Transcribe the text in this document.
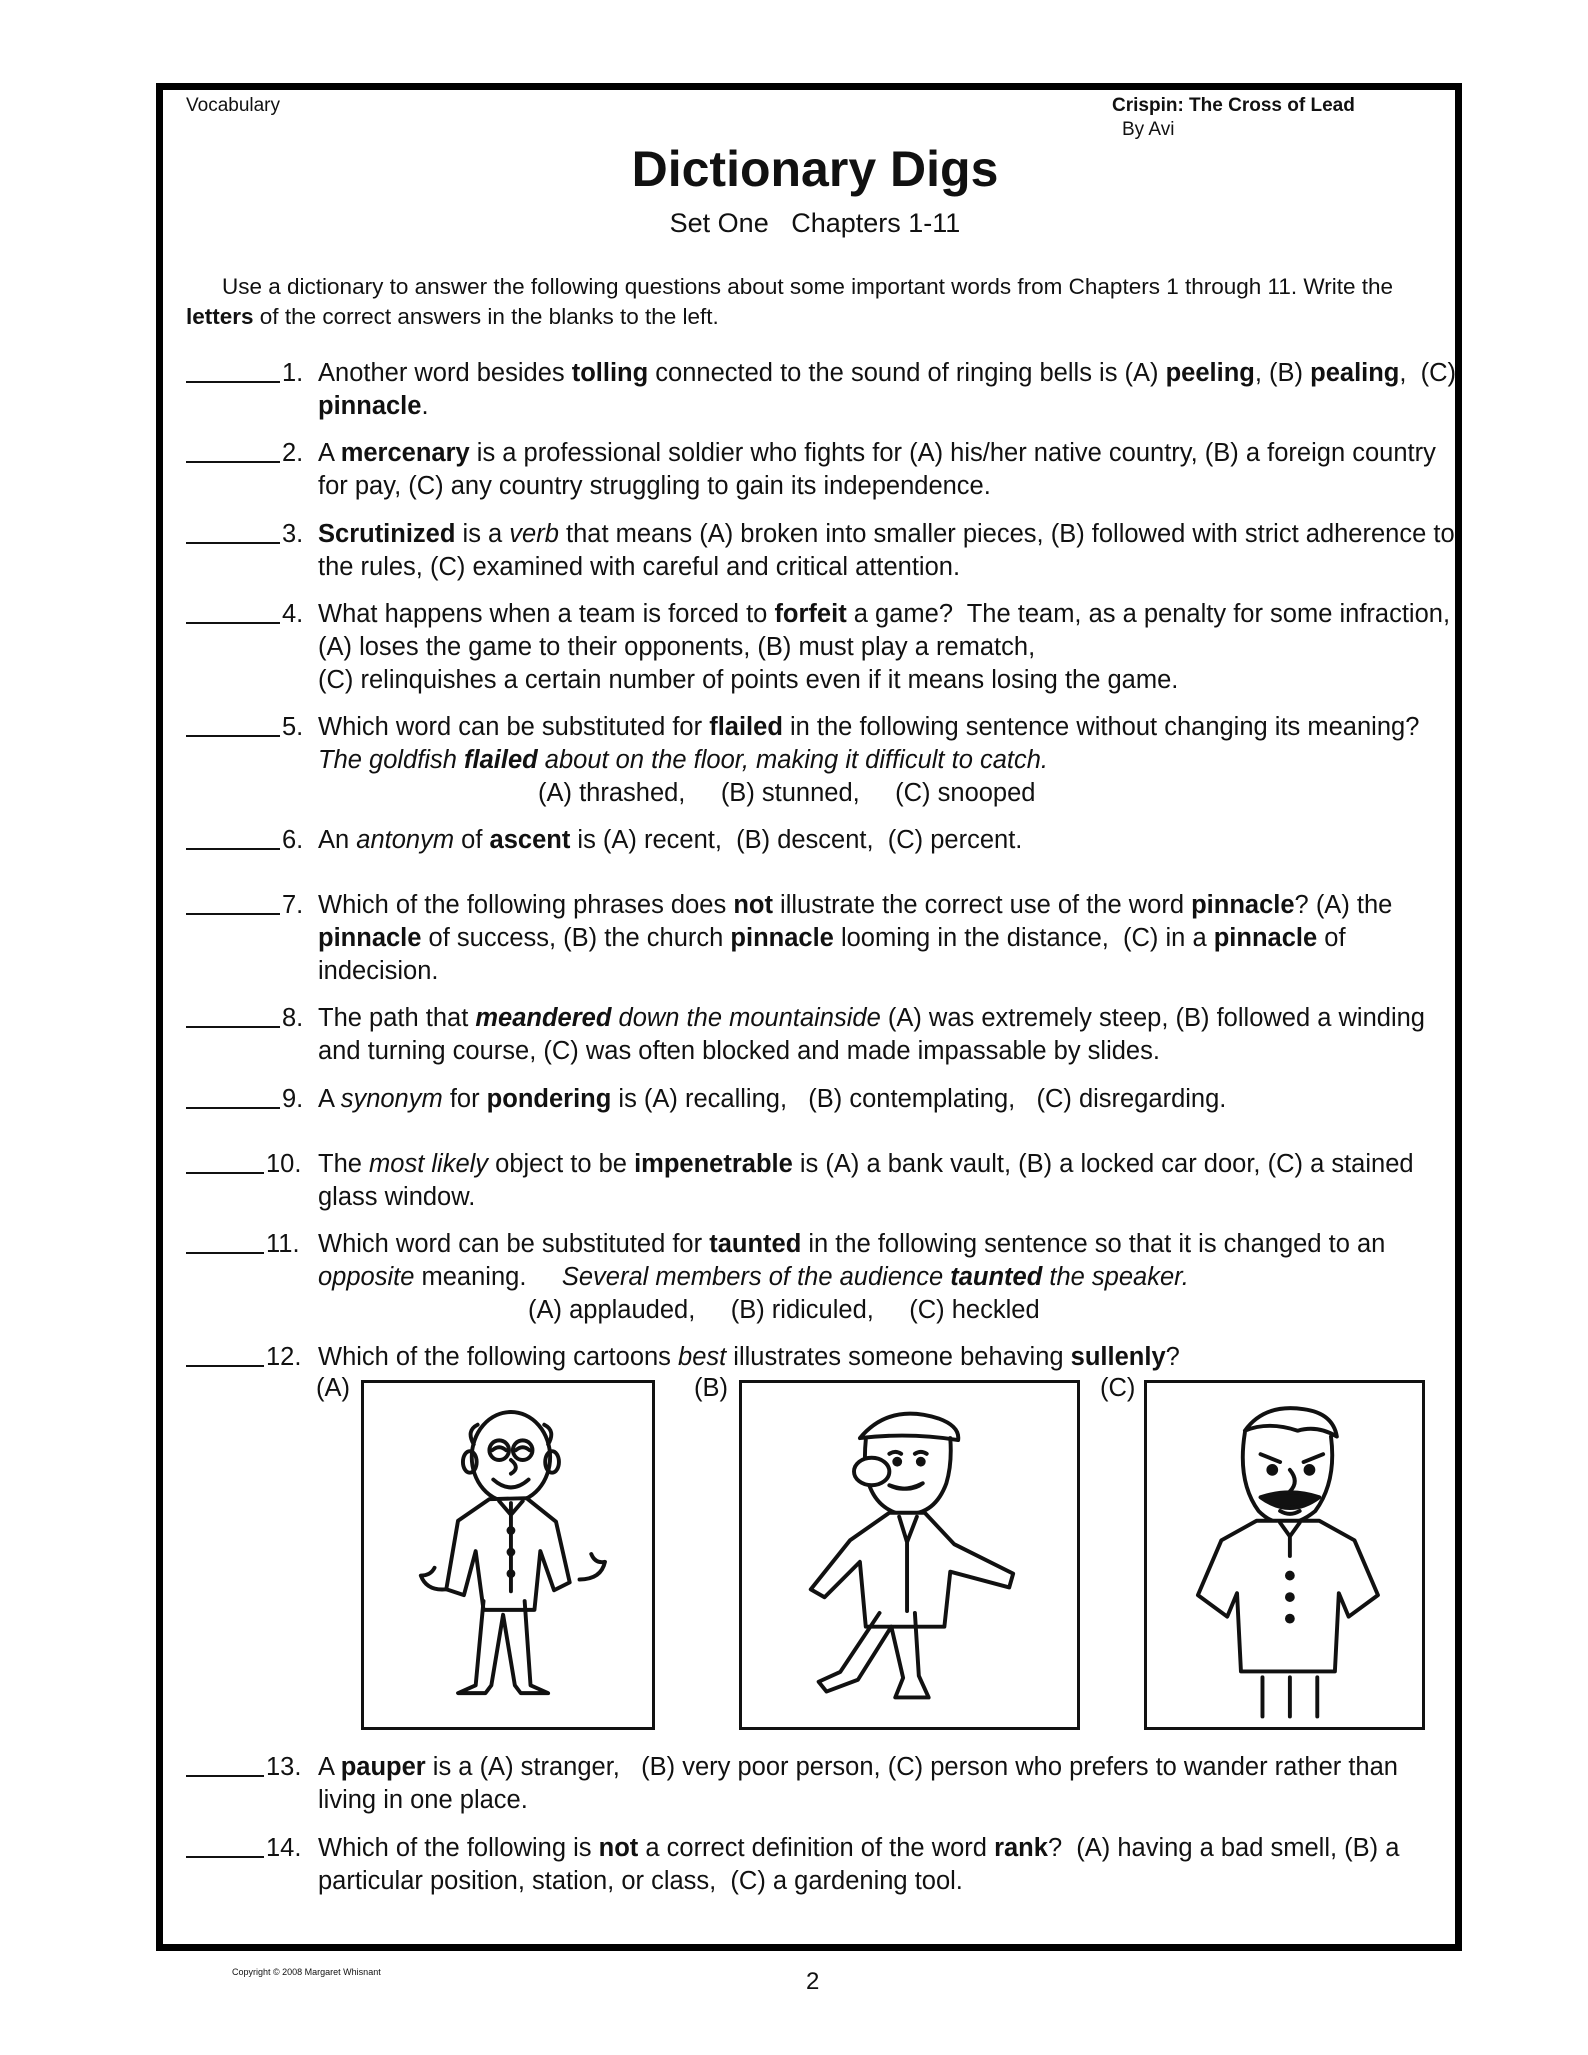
Vocabulary	Crispin: The Cross of Lead
By Avi
Dictionary Digs
Set One   Chapters 1-11
Use a dictionary to answer the following questions about some important words from Chapters 1 through 11. Write the letters of the correct answers in the blanks to the left.
1. Another word besides tolling connected to the sound of ringing bells is (A) peeling, (B) pealing,  (C) pinnacle.
2. A mercenary is a professional soldier who fights for (A) his/her native country, (B) a foreign country for pay, (C) any country struggling to gain its independence.
3. Scrutinized is a verb that means (A) broken into smaller pieces, (B) followed with strict adherence to the rules, (C) examined with careful and critical attention.
4. What happens when a team is forced to forfeit a game?  The team, as a penalty for some infraction, (A) loses the game to their opponents, (B) must play a rematch,
(C) relinquishes a certain number of points even if it means losing the game.
5. Which word can be substituted for flailed in the following sentence without changing its meaning?      The goldfish flailed about on the floor, making it difficult to catch.
(A) thrashed,     (B) stunned,     (C) snooped
6. An antonym of ascent is (A) recent,  (B) descent,  (C) percent.
7. Which of the following phrases does not illustrate the correct use of the word pinnacle? (A) the pinnacle of success, (B) the church pinnacle looming in the distance,  (C) in a pinnacle of indecision.
8. The path that meandered down the mountainside (A) was extremely steep, (B) followed a winding and turning course, (C) was often blocked and made impassable by slides.
9. A synonym for pondering is (A) recalling,   (B) contemplating,   (C) disregarding.
10. The most likely object to be impenetrable is (A) a bank vault, (B) a locked car door, (C) a stained glass window.
11. Which word can be substituted for taunted in the following sentence so that it is changed to an opposite meaning.     Several members of the audience taunted the speaker.
(A) applauded,     (B) ridiculed,     (C) heckled
12. Which of the following cartoons best illustrates someone behaving sullenly?
13. A pauper is a (A) stranger,   (B) very poor person, (C) person who prefers to wander rather than living in one place.
14. Which of the following is not a correct definition of the word rank?  (A) having a bad smell, (B) a particular position, station, or class,  (C) a gardening tool.
(A)	(B)	(C)
Copyright © 2008 Margaret Whisnant	2
